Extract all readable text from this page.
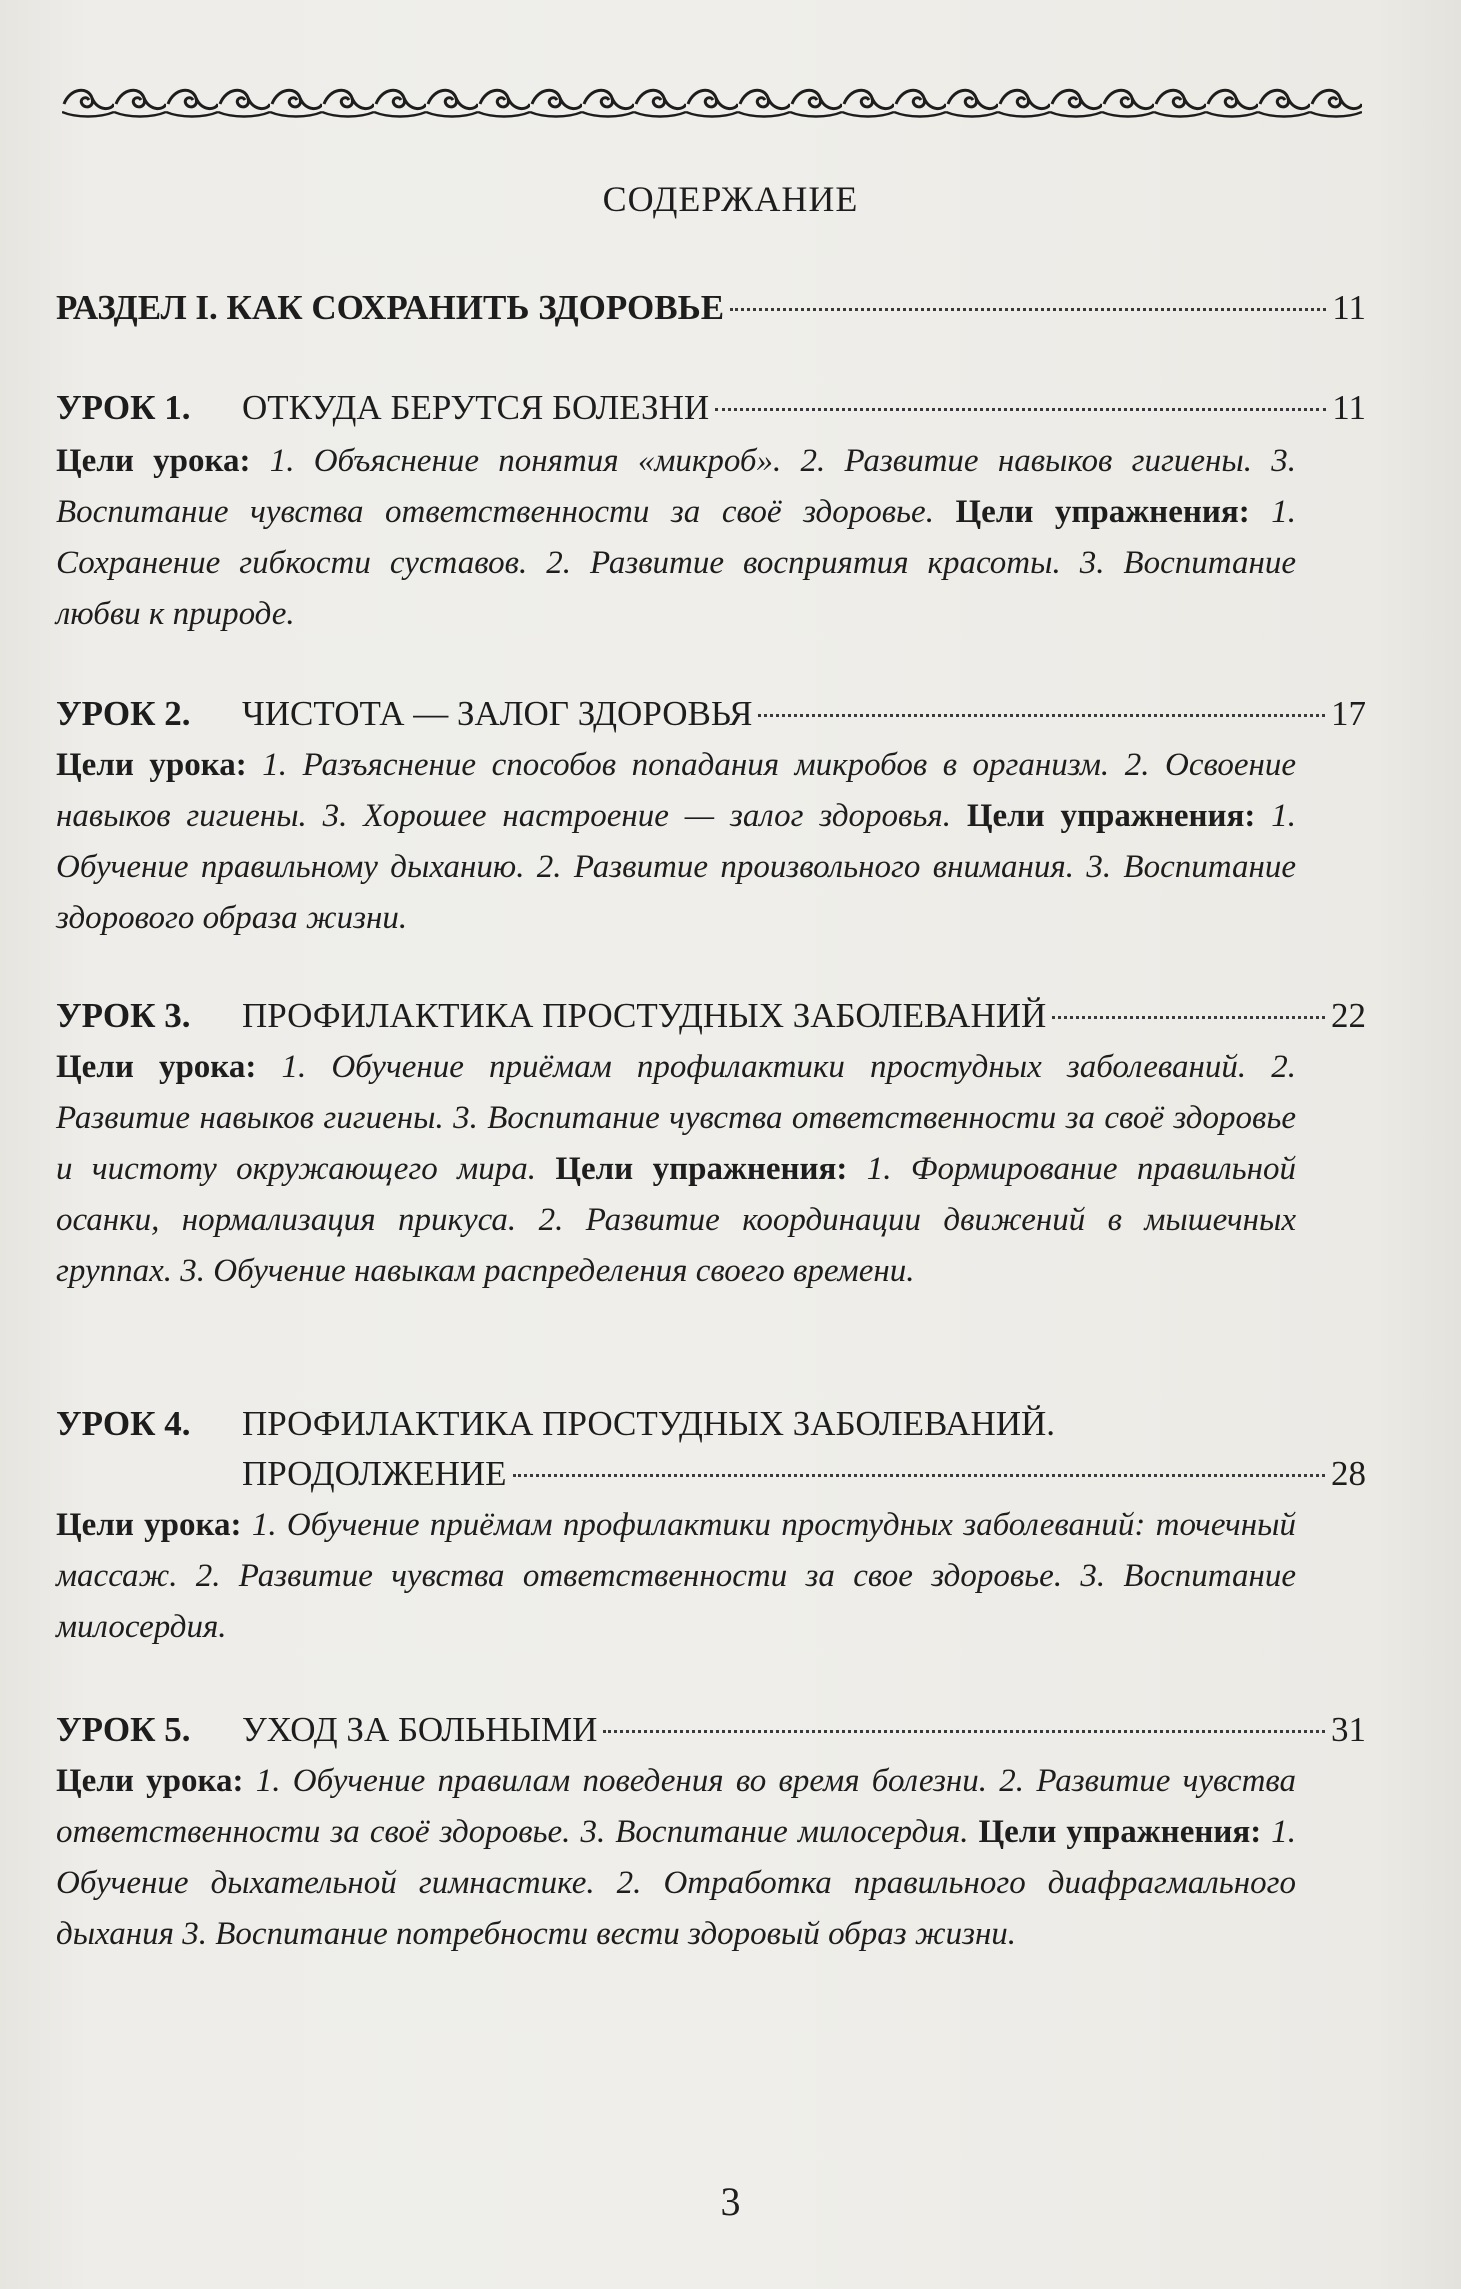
СОДЕРЖАНИЕ
РАЗДЕЛ I. КАК СОХРАНИТЬ ЗДОРОВЬЕ	11
УРОК 1.	ОТКУДА БЕРУТСЯ БОЛЕЗНИ	11

Цели урока: 1. Объяснение понятия «микроб». 2. Развитие навыков гигиены. 3. Воспитание чувства ответственности за своё здоровье. Цели упражнения: 1. Сохранение гибкости суставов. 2. Развитие восприятия красоты. 3. Воспитание любви к природе.

УРОК 2.	ЧИСТОТА — ЗАЛОГ ЗДОРОВЬЯ	17

Цели урока: 1. Разъяснение способов попадания микробов в организм. 2. Освоение навыков гигиены. 3. Хорошее настроение — залог здоровья. Цели упражнения: 1. Обучение правильному дыханию. 2. Развитие произвольного внимания. 3. Воспитание здорового образа жизни.

УРОК 3.	ПРОФИЛАКТИКА ПРОСТУДНЫХ ЗАБОЛЕВАНИЙ	22

Цели урока: 1. Обучение приёмам профилактики простудных заболеваний. 2. Развитие навыков гигиены. 3. Воспитание чувства ответственности за своё здоровье и чистоту окружающего мира. Цели упражнения: 1. Формирование правильной осанки, нормализация прикуса. 2. Развитие координации движений в мышечных группах. 3. Обучение навыкам распределения своего времени.

УРОК 4.	ПРОФИЛАКТИКА ПРОСТУДНЫХ ЗАБОЛЕВАНИЙ.
ПРОДОЛЖЕНИЕ	28

Цели урока: 1. Обучение приёмам профилактики простудных заболеваний: точечный массаж. 2. Развитие чувства ответственности за свое здоровье. 3. Воспитание милосердия.

УРОК 5.	УХОД ЗА БОЛЬНЫМИ	31

Цели урока: 1. Обучение правилам поведения во время болезни. 2. Развитие чувства ответственности за своё здоровье. 3. Воспитание милосердия. Цели упражнения: 1. Обучение дыхательной гимнастике. 2. Отработка правильного диафрагмального дыхания 3. Воспитание потребности вести здоровый образ жизни.

3
